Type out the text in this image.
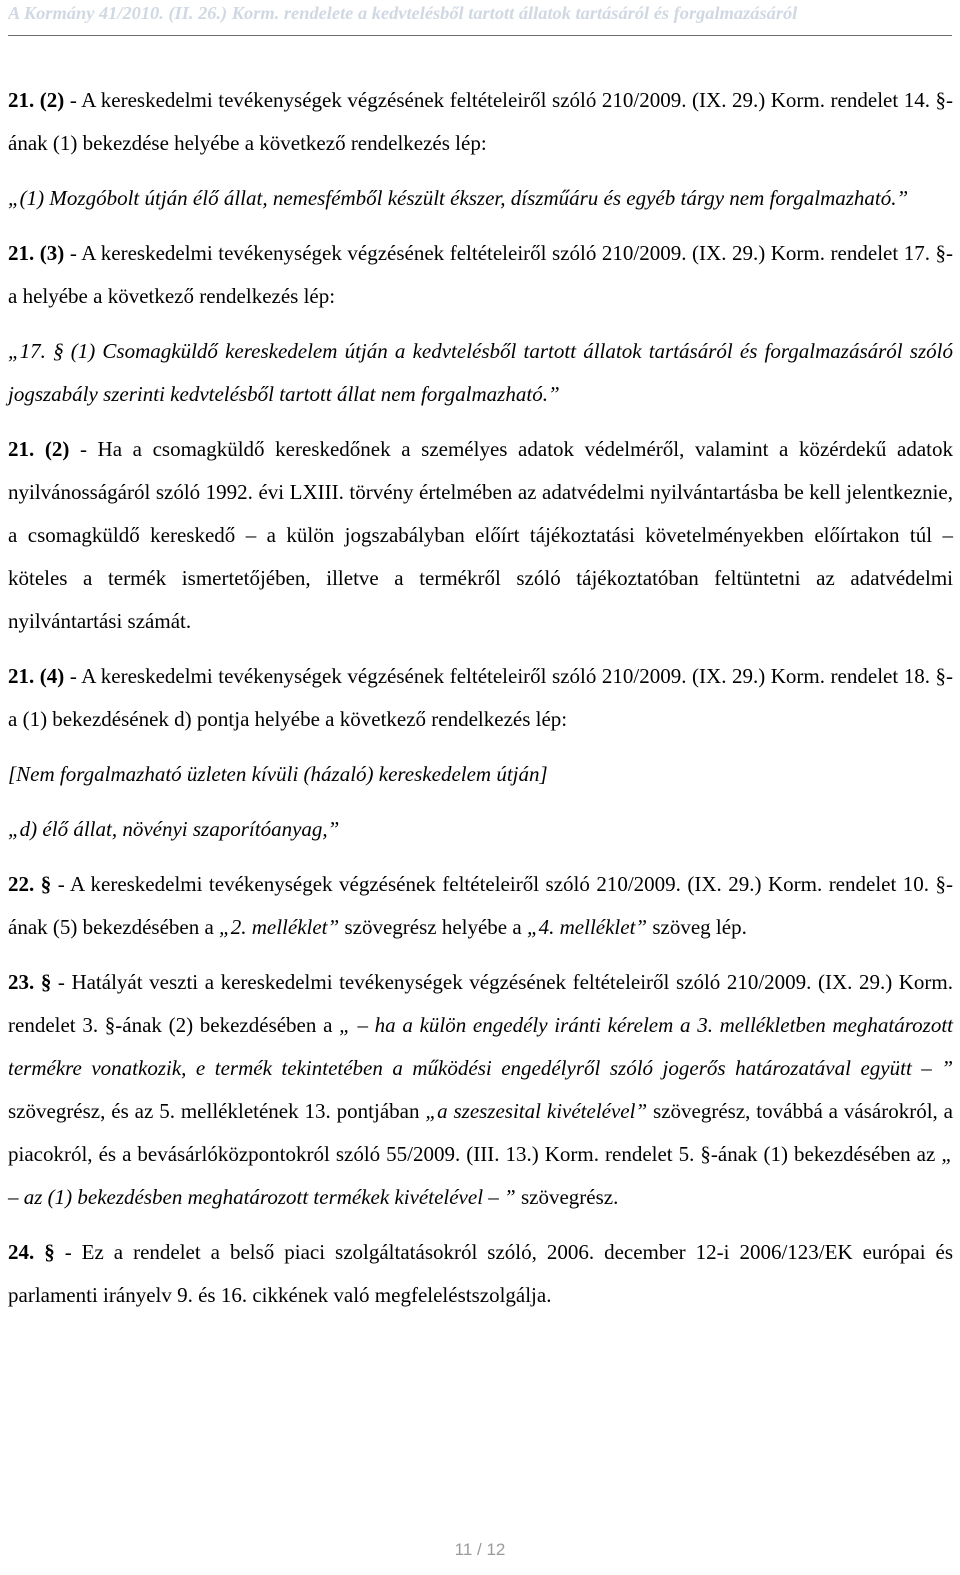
A Kormány 41/2010. (II. 26.) Korm. rendelete a kedvtelésből tartott állatok tartásáról és forgalmazásáról

21. (2) - A kereskedelmi tevékenységek végzésének feltételeiről szóló 210/2009. (IX. 29.) Korm. rendelet 14. §-ának (1) bekezdése helyébe a következő rendelkezés lép:

„(1) Mozgóbolt útján élő állat, nemesfémből készült ékszer, díszműáru és egyéb tárgy nem forgalmazható.”

21. (3) - A kereskedelmi tevékenységek végzésének feltételeiről szóló 210/2009. (IX. 29.) Korm. rendelet 17. §-a helyébe a következő rendelkezés lép:

„17. § (1) Csomagküldő kereskedelem útján a kedvtelésből tartott állatok tartásáról és forgalmazásáról szóló jogszabály szerinti kedvtelésből tartott állat nem forgalmazható.”

21. (2) - Ha a csomagküldő kereskedőnek a személyes adatok védelméről, valamint a közérdekű adatok nyilvánosságáról szóló 1992. évi LXIII. törvény értelmében az adatvédelmi nyilvántartásba be kell jelentkeznie, a csomagküldő kereskedő – a külön jogszabályban előírt tájékoztatási követelményekben előírtakon túl – köteles a termék ismertetőjében, illetve a termékről szóló tájékoztatóban feltüntetni az adatvédelmi nyilvántartási számát.

21. (4) - A kereskedelmi tevékenységek végzésének feltételeiről szóló 210/2009. (IX. 29.) Korm. rendelet 18. §-a (1) bekezdésének d) pontja helyébe a következő rendelkezés lép:

[Nem forgalmazható üzleten kívüli (házaló) kereskedelem útján]

„d) élő állat, növényi szaporítóanyag,”

22. § - A kereskedelmi tevékenységek végzésének feltételeiről szóló 210/2009. (IX. 29.) Korm. rendelet 10. §-ának (5) bekezdésében a „2. melléklet” szövegrész helyébe a „4. melléklet” szöveg lép.

23. § - Hatályát veszti a kereskedelmi tevékenységek végzésének feltételeiről szóló 210/2009. (IX. 29.) Korm. rendelet 3. §-ának (2) bekezdésében a „ – ha a külön engedély iránti kérelem a 3. mellékletben meghatározott termékre vonatkozik, e termék tekintetében a működési engedélyről szóló jogerős határozatával együtt – ” szövegrész, és az 5. mellékletének 13. pontjában „a szeszesital kivételével” szövegrész, továbbá a vásárokról, a piacokról, és a bevásárlóközpontokról szóló 55/2009. (III. 13.) Korm. rendelet 5. §-ának (1) bekezdésében az „ – az (1) bekezdésben meghatározott termékek kivételével – ” szövegrész.

24. § - Ez a rendelet a belső piaci szolgáltatásokról szóló, 2006. december 12-i 2006/123/EK európai és parlamenti irányelv 9. és 16. cikkének való megfeleléstszolgálja.

11 / 12
